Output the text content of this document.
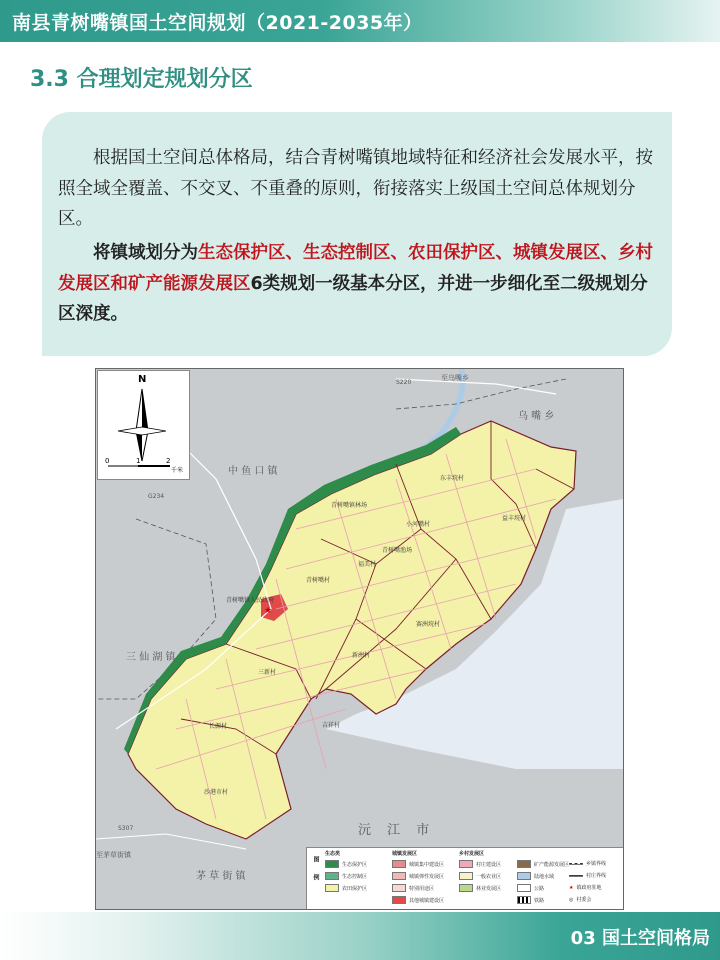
南县青树嘴镇国土空间规划（2021-2035年）
3.3 合理划定规划分区
根据国土空间总体格局，结合青树嘴镇地域特征和经济社会发展水平，按照全域全覆盖、不交叉、不重叠的原则，衔接落实上级国土空间总体规划分区。
将镇域划分为生态保护区、生态控制区、农田保护区、城镇发展区、乡村发展区和矿产能源发展区6类规划一级基本分区，并进一步细化至二级规划分区深度。
★
N
0	1	2
千米
至乌嘴乡
S220
G234
S307
乌 嘴 乡
中 鱼 口 镇
三 仙 湖 镇
沅 江 市
至茅草街镇
茅 草 街 镇
青树嘴镇人民政府
青树嘴镇林场
小河嘴村
青树嘴村
福美村
青树嘴渔场
新洲村
三新村
长源村	吉祥村
沙港市村
赛洲垸村
东丰垸村
益丰垸村
图例
生态类	城镇发展区	乡村发展区
生态保护区
生态控制区
农田保护区
城镇集中建设区
城镇弹性发展区
特别用途区
其他城镇建设区
村庄建设区
一般农业区
林业发展区
矿产能源发展区
陆地水域
公路
铁路
乡镇界线
村庄界线
★ 镇政府驻地
◎ 村委会
03 国土空间格局
